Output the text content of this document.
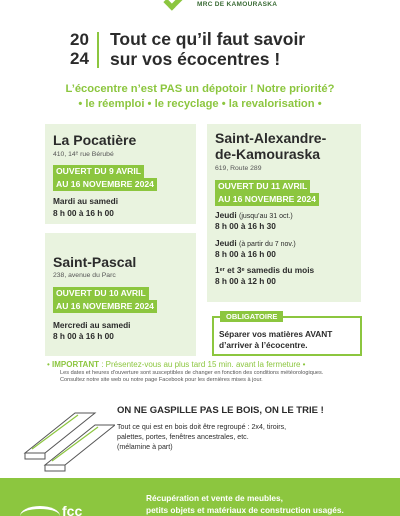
MRC DE KAMOURASKA
20
24
Tout ce qu’il faut savoir
sur vos écocentres !
L’écocentre n’est PAS un dépotoir ! Notre priorité?
• le réemploi • le recyclage • la revalorisation •
La Pocatière
410, 14ᵉ rue Bérubé
OUVERT DU 9 AVRIL
AU 16 NOVEMBRE 2024
Mardi au samedi
8 h 00 à 16 h 00
Saint-Alexandre-
de-Kamouraska
619, Route 289
OUVERT DU 11 AVRIL
AU 16 NOVEMBRE 2024
Jeudi (jusqu’au 31 oct.)
8 h 00 à 16 h 30
Jeudi (à partir du 7 nov.)
8 h 00 à 16 h 00
1er et 3e samedis du mois
8 h 00 à 12 h 00
Saint-Pascal
238, avenue du Parc
OUVERT DU 10 AVRIL
AU 16 NOVEMBRE 2024
Mercredi au samedi
8 h 00 à 16 h 00
OBLIGATOIRE
Séparer vos matières AVANT
d’arriver à l’écocentre.
• IMPORTANT : Présentez-vous au plus tard 15 min. avant la fermeture •
Les dates et heures d’ouverture sont susceptibles de changer en fonction des conditions météorologiques.
Consultez notre site web ou notre page Facebook pour les dernières mises à jour.
ON NE GASPILLE PAS LE BOIS, ON LE TRIE !
Tout ce qui est en bois doit être regroupé : 2x4, tiroirs,
palettes, portes, fenêtres ancestrales, etc.
(mélamine à part)
fcc
Récupération et vente de meubles,
petits objets et matériaux de construction usagés.
